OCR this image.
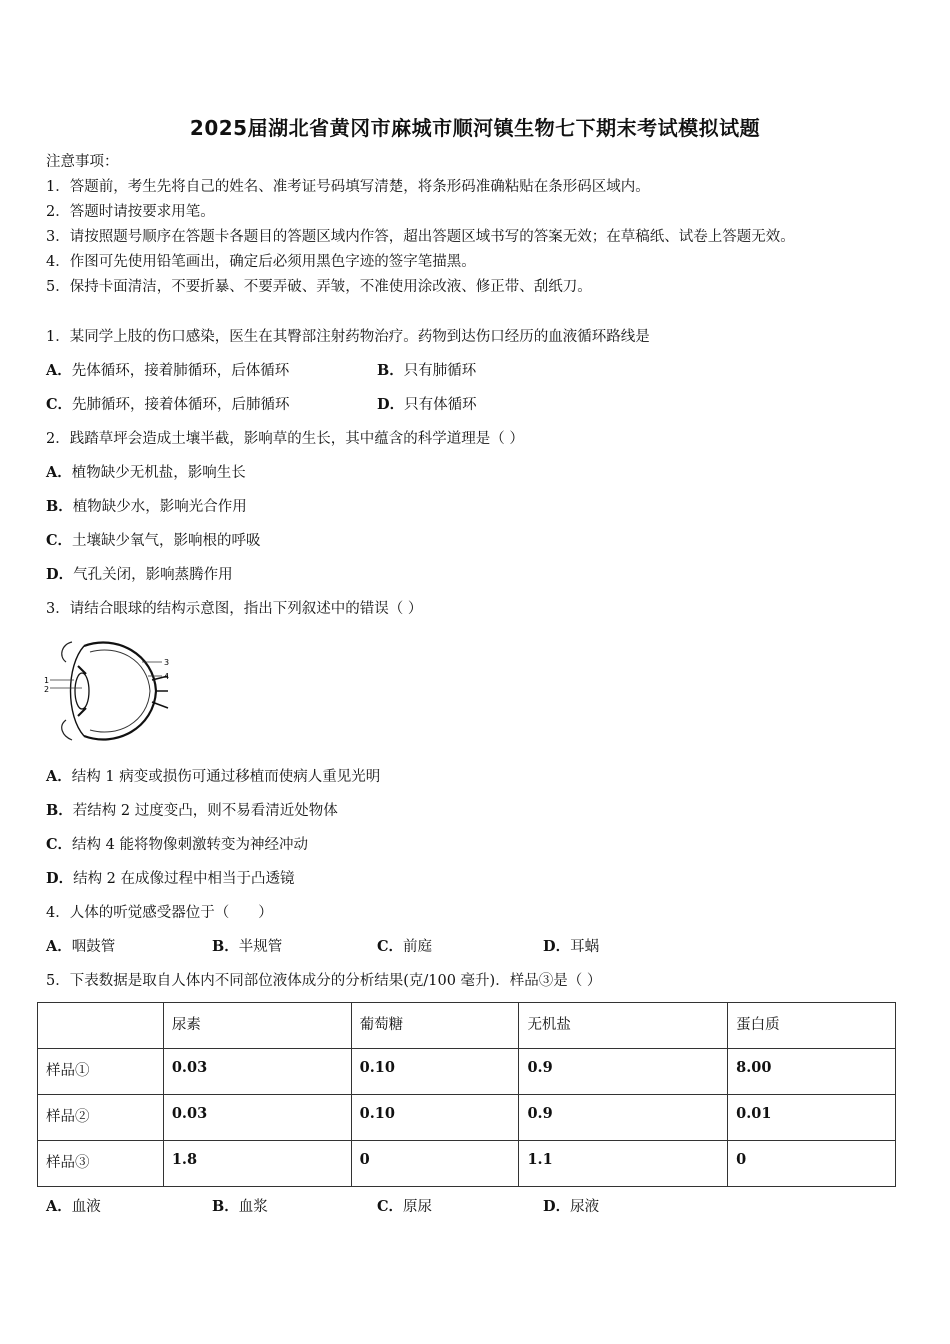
2025届湖北省黄冈市麻城市顺河镇生物七下期末考试模拟试题
注意事项：
1．答题前，考生先将自己的姓名、准考证号码填写清楚，将条形码准确粘贴在条形码区域内。
2．答题时请按要求用笔。
3．请按照题号顺序在答题卡各题目的答题区域内作答，超出答题区域书写的答案无效；在草稿纸、试卷上答题无效。
4．作图可先使用铅笔画出，确定后必须用黑色字迹的签字笔描黑。
5．保持卡面清洁，不要折暴、不要弄破、弄皱，不准使用涂改液、修正带、刮纸刀。
1．某同学上肢的伤口感染，医生在其臀部注射药物治疗。药物到达伤口经历的血液循环路线是
A．先体循环，接着肺循环，后体循环	B．只有肺循环
C．先肺循环，接着体循环，后肺循环	D．只有体循环
2．践踏草坪会造成土壤半截，影响草的生长，其中蕴含的科学道理是（ ）
A．植物缺少无机盐，影响生长
B．植物缺少水，影响光合作用
C．土壤缺少氧气，影响根的呼吸
D．气孔关闭，影响蒸腾作用
3．请结合眼球的结构示意图，指出下列叙述中的错误（ ）
1
2
3
4
A．结构 1 病变或损伤可通过移植而使病人重见光明
B．若结构 2 过度变凸，则不易看清近处物体
C．结构 4 能将物像刺激转变为神经冲动
D．结构 2 在成像过程中相当于凸透镜
4．人体的听觉感受器位于（　　）
A．咽鼓管	B．半规管	C．前庭	D．耳蜗
5．下表数据是取自人体内不同部位液体成分的分析结果(克/100 毫升)．样品③是（ ）
	尿素	葡萄糖	无机盐	蛋白质
样品①	0.03	0.10	0.9	8.00
样品②	0.03	0.10	0.9	0.01
样品③	1.8	0	1.1	0
A．血液	B．血浆	C．原尿	D．尿液
